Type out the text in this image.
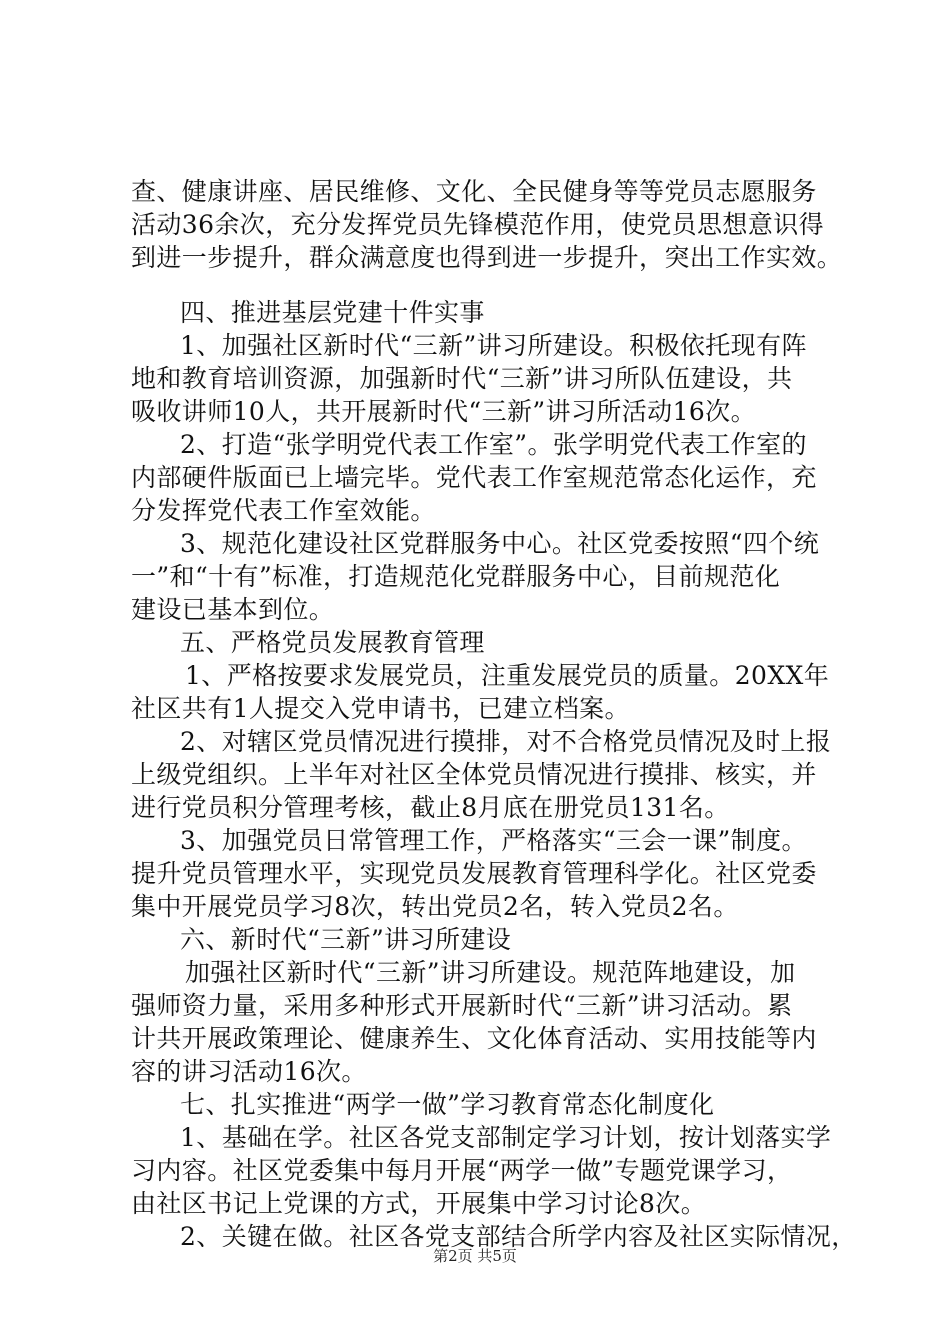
查、健康讲座、居民维修、文化、全民健身等等党员志愿服务
活动36余次，充分发挥党员先锋模范作用，使党员思想意识得
到进一步提升，群众满意度也得到进一步提升，突出工作实效。
四、推进基层党建十件实事
1、加强社区新时代“三新”讲习所建设。积极依托现有阵
地和教育培训资源，加强新时代“三新”讲习所队伍建设，共
吸收讲师10人，共开展新时代“三新”讲习所活动16次。
2、打造“张学明党代表工作室”。张学明党代表工作室的
内部硬件版面已上墙完毕。党代表工作室规范常态化运作，充
分发挥党代表工作室效能。
3、规范化建设社区党群服务中心。社区党委按照“四个统
一”和“十有”标准，打造规范化党群服务中心，目前规范化
建设已基本到位。
五、严格党员发展教育管理
1、严格按要求发展党员，注重发展党员的质量。20XX年
社区共有1人提交入党申请书，已建立档案。
2、对辖区党员情况进行摸排，对不合格党员情况及时上报
上级党组织。上半年对社区全体党员情况进行摸排、核实，并
进行党员积分管理考核，截止8月底在册党员131名。
3、加强党员日常管理工作，严格落实“三会一课”制度。
提升党员管理水平，实现党员发展教育管理科学化。社区党委
集中开展党员学习8次，转出党员2名，转入党员2名。
六、新时代“三新”讲习所建设
加强社区新时代“三新”讲习所建设。规范阵地建设，加
强师资力量，采用多种形式开展新时代“三新”讲习活动。累
计共开展政策理论、健康养生、文化体育活动、实用技能等内
容的讲习活动16次。
七、扎实推进“两学一做”学习教育常态化制度化
1、基础在学。社区各党支部制定学习计划，按计划落实学
习内容。社区党委集中每月开展“两学一做”专题党课学习，
由社区书记上党课的方式，开展集中学习讨论8次。
2、关键在做。社区各党支部结合所学内容及社区实际情况，
第2页 共5页
